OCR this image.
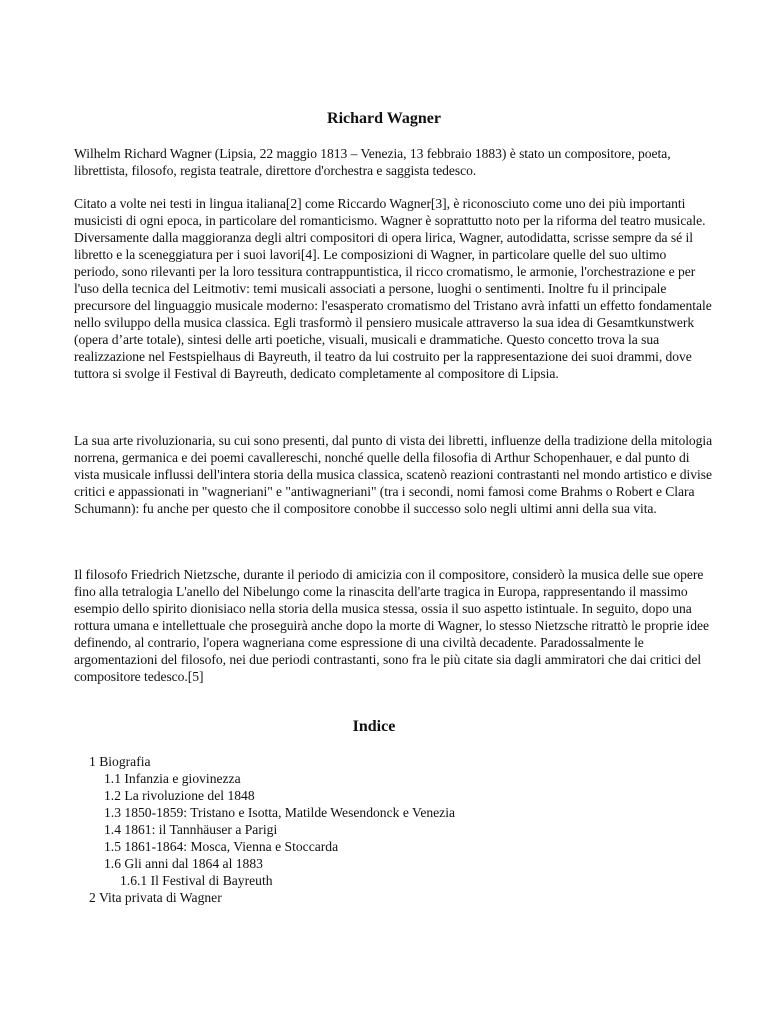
Richard Wagner

Wilhelm Richard Wagner (Lipsia, 22 maggio 1813 – Venezia, 13 febbraio 1883) è stato un compositore, poeta, librettista, filosofo, regista teatrale, direttore d'orchestra e saggista tedesco.

Citato a volte nei testi in lingua italiana[2] come Riccardo Wagner[3], è riconosciuto come uno dei più importanti musicisti di ogni epoca, in particolare del romanticismo. Wagner è soprattutto noto per la riforma del teatro musicale. Diversamente dalla maggioranza degli altri compositori di opera lirica, Wagner, autodidatta, scrisse sempre da sé il libretto e la sceneggiatura per i suoi lavori[4]. Le composizioni di Wagner, in particolare quelle del suo ultimo periodo, sono rilevanti per la loro tessitura contrappuntistica, il ricco cromatismo, le armonie, l'orchestrazione e per l'uso della tecnica del Leitmotiv: temi musicali associati a persone, luoghi o sentimenti. Inoltre fu il principale precursore del linguaggio musicale moderno: l'esasperato cromatismo del Tristano avrà infatti un effetto fondamentale nello sviluppo della musica classica. Egli trasformò il pensiero musicale attraverso la sua idea di Gesamtkunstwerk (opera d’arte totale), sintesi delle arti poetiche, visuali, musicali e drammatiche. Questo concetto trova la sua realizzazione nel Festspielhaus di Bayreuth, il teatro da lui costruito per la rappresentazione dei suoi drammi, dove tuttora si svolge il Festival di Bayreuth, dedicato completamente al compositore di Lipsia.

La sua arte rivoluzionaria, su cui sono presenti, dal punto di vista dei libretti, influenze della tradizione della mitologia norrena, germanica e dei poemi cavallereschi, nonché quelle della filosofia di Arthur Schopenhauer, e dal punto di vista musicale influssi dell'intera storia della musica classica, scatenò reazioni contrastanti nel mondo artistico e divise critici e appassionati in "wagneriani" e "antiwagneriani" (tra i secondi, nomi famosi come Brahms o Robert e Clara Schumann): fu anche per questo che il compositore conobbe il successo solo negli ultimi anni della sua vita.

Il filosofo Friedrich Nietzsche, durante il periodo di amicizia con il compositore, considerò la musica delle sue opere fino alla tetralogia L'anello del Nibelungo come la rinascita dell'arte tragica in Europa, rappresentando il massimo esempio dello spirito dionisiaco nella storia della musica stessa, ossia il suo aspetto istintuale. In seguito, dopo una rottura umana e intellettuale che proseguirà anche dopo la morte di Wagner, lo stesso Nietzsche ritrattò le proprie idee definendo, al contrario, l'opera wagneriana come espressione di una civiltà decadente. Paradossalmente le argomentazioni del filosofo, nei due periodi contrastanti, sono fra le più citate sia dagli ammiratori che dai critici del compositore tedesco.[5]

Indice
1 Biografia
1.1 Infanzia e giovinezza
1.2 La rivoluzione del 1848
1.3 1850-1859: Tristano e Isotta, Matilde Wesendonck e Venezia
1.4 1861: il Tannhäuser a Parigi
1.5 1861-1864: Mosca, Vienna e Stoccarda
1.6 Gli anni dal 1864 al 1883
1.6.1 Il Festival di Bayreuth
2 Vita privata di Wagner
